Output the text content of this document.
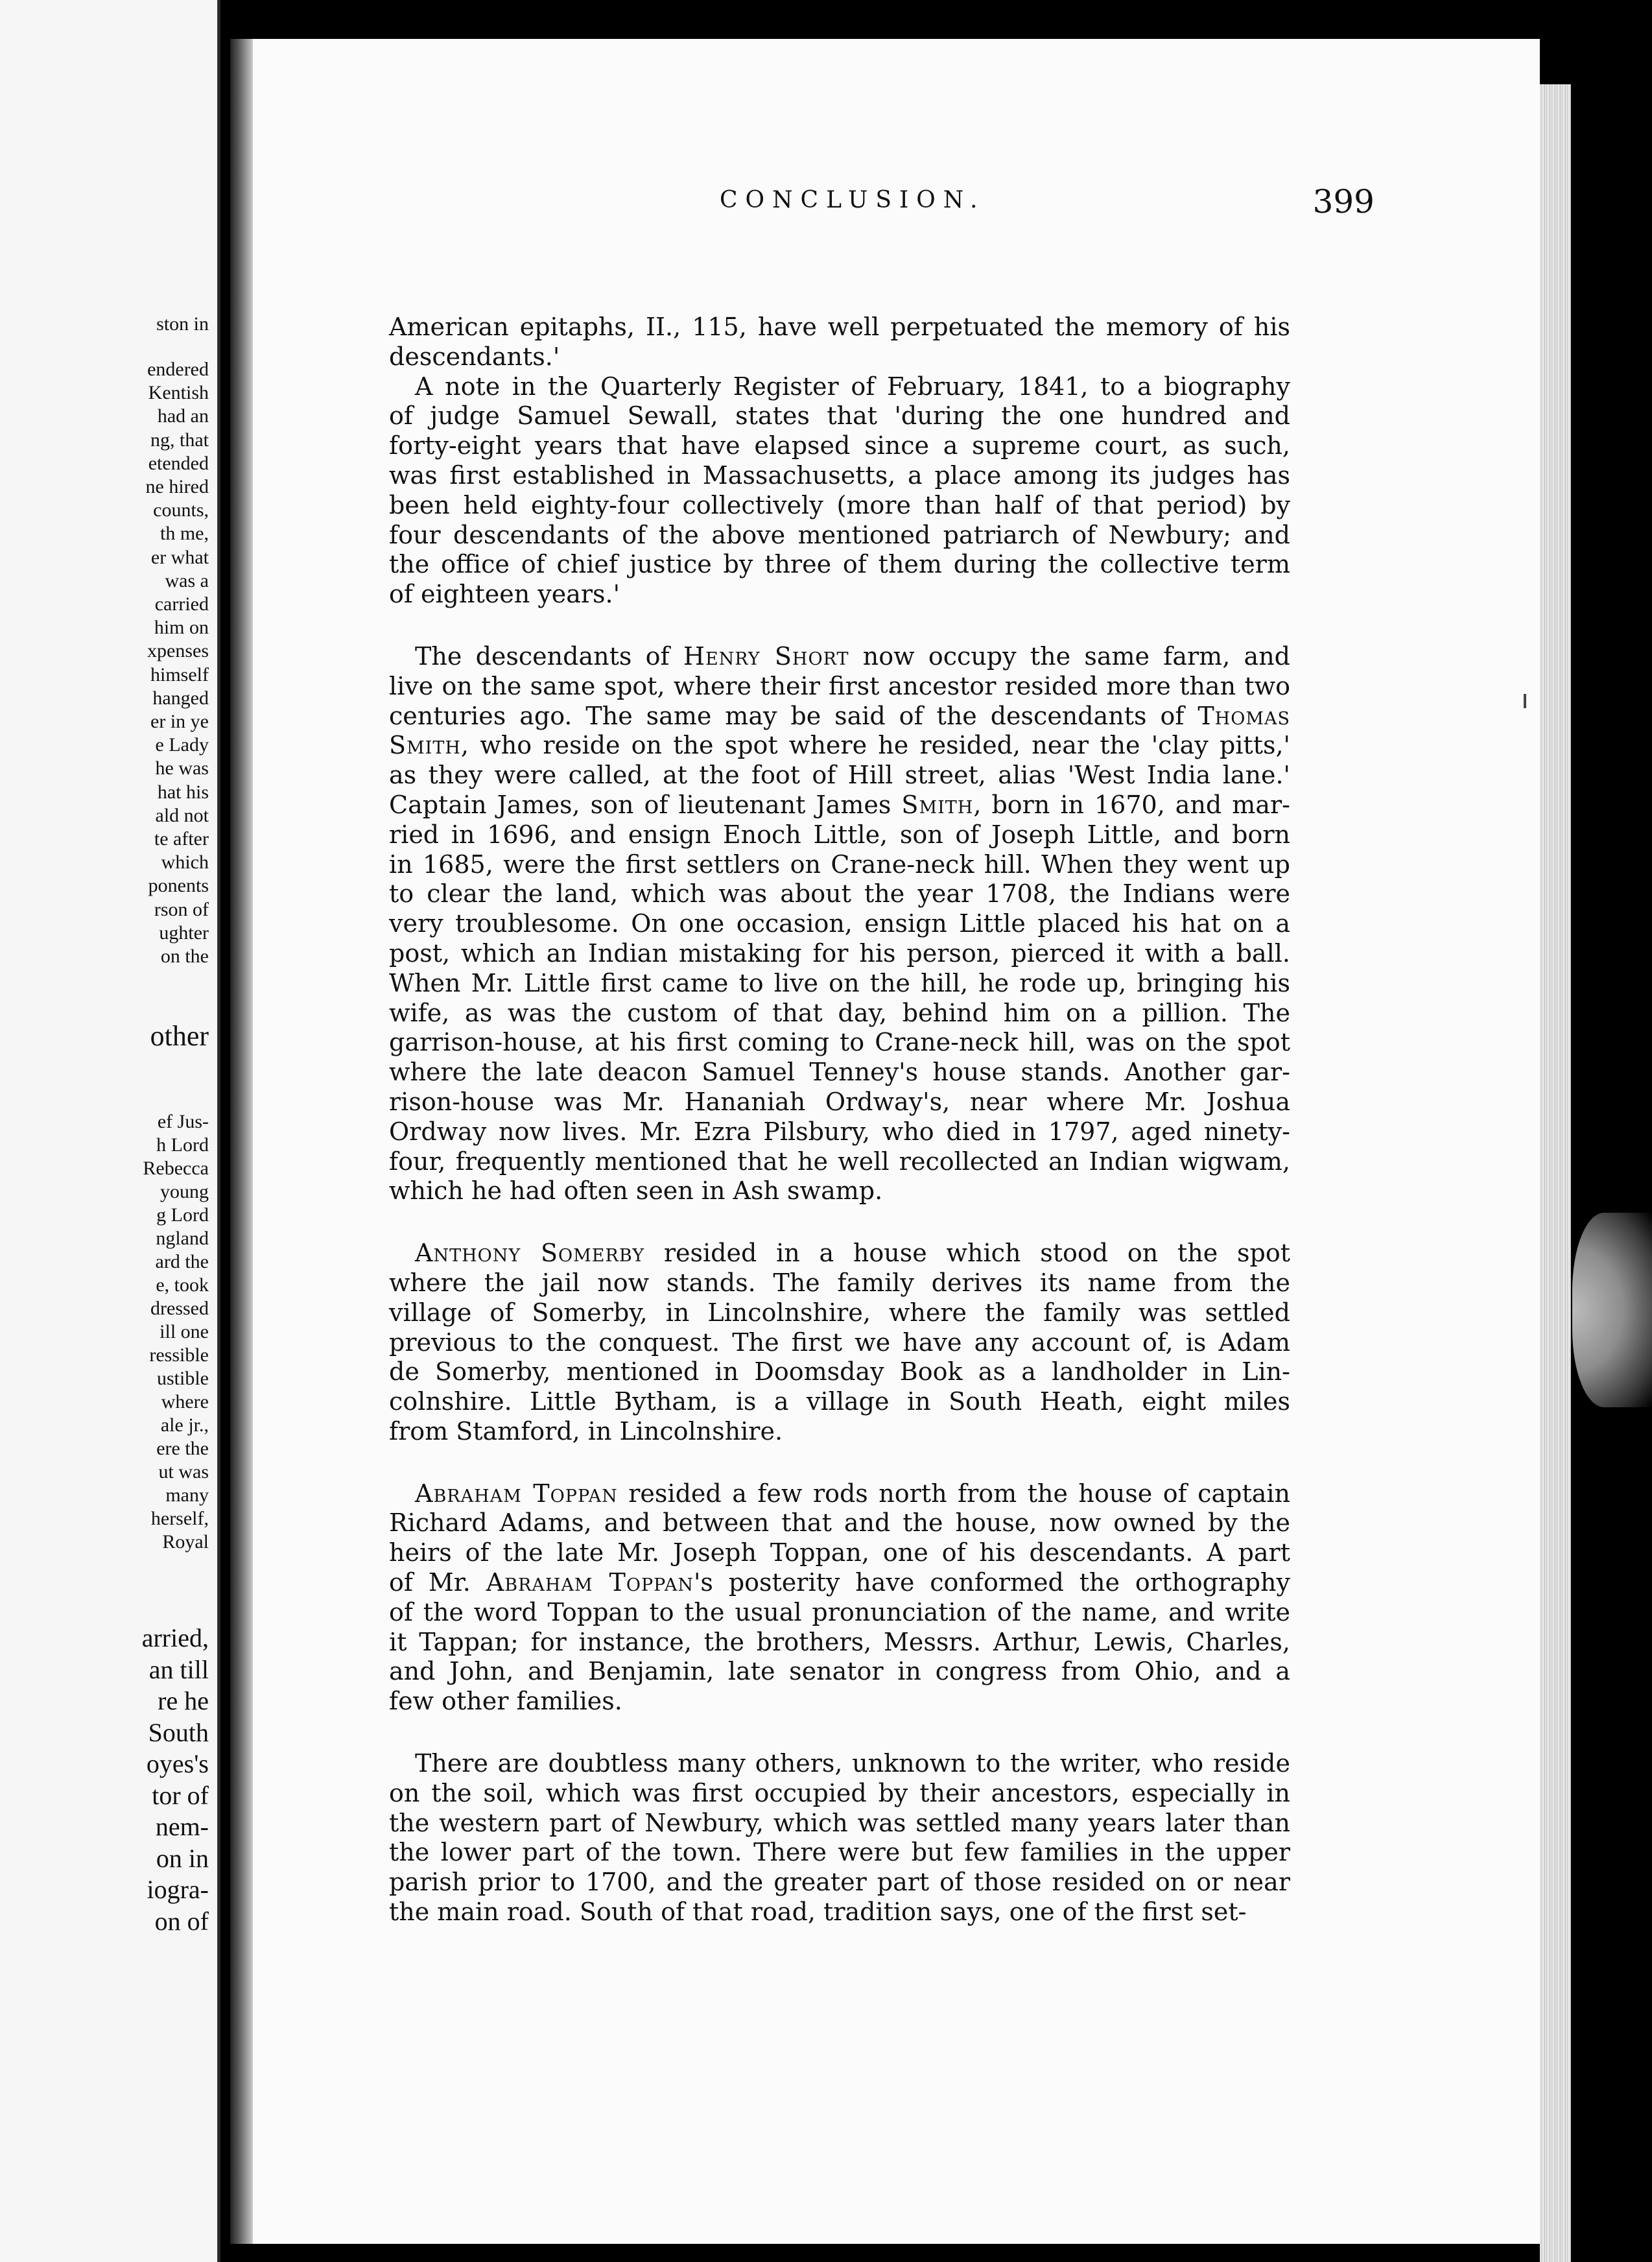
ston in
endered
Kentish
had an
ng, that
etended
ne hired
counts,
th me,
er what
was a
carried
him on
xpenses
himself
hanged
er in ye
e Lady
he was
hat his
ald not
te after
which
ponents
rson of
ughter
on the
other
ef Jus-
h Lord
Rebecca
young
g Lord
ngland
ard the
e, took
dressed
ill one
ressible
ustible
where
ale jr.,
ere the
ut was
many
herself,
Royal
arried,
an till
re he
South
oyes's
tor of
nem-
on in
iogra-
on of
CONCLUSION.	399
American epitaphs, II., 115, have well perpetuated the memory of his
descendants.'
A note in the Quarterly Register of February, 1841, to a biography
of judge Samuel Sewall, states that 'during the one hundred and
forty-eight years that have elapsed since a supreme court, as such,
was first established in Massachusetts, a place among its judges has
been held eighty-four collectively (more than half of that period) by
four descendants of the above mentioned patriarch of Newbury; and
the office of chief justice by three of them during the collective term
of eighteen years.'
The descendants of Henry Short now occupy the same farm, and
live on the same spot, where their first ancestor resided more than two
centuries ago. The same may be said of the descendants of Thomas
Smith, who reside on the spot where he resided, near the 'clay pitts,'
as they were called, at the foot of Hill street, alias 'West India lane.'
Captain James, son of lieutenant James Smith, born in 1670, and mar-
ried in 1696, and ensign Enoch Little, son of Joseph Little, and born
in 1685, were the first settlers on Crane-neck hill. When they went up
to clear the land, which was about the year 1708, the Indians were
very troublesome. On one occasion, ensign Little placed his hat on a
post, which an Indian mistaking for his person, pierced it with a ball.
When Mr. Little first came to live on the hill, he rode up, bringing his
wife, as was the custom of that day, behind him on a pillion. The
garrison-house, at his first coming to Crane-neck hill, was on the spot
where the late deacon Samuel Tenney's house stands. Another gar-
rison-house was Mr. Hananiah Ordway's, near where Mr. Joshua
Ordway now lives. Mr. Ezra Pilsbury, who died in 1797, aged ninety-
four, frequently mentioned that he well recollected an Indian wigwam,
which he had often seen in Ash swamp.
Anthony Somerby resided in a house which stood on the spot
where the jail now stands. The family derives its name from the
village of Somerby, in Lincolnshire, where the family was settled
previous to the conquest. The first we have any account of, is Adam
de Somerby, mentioned in Doomsday Book as a landholder in Lin-
colnshire. Little Bytham, is a village in South Heath, eight miles
from Stamford, in Lincolnshire.
Abraham Toppan resided a few rods north from the house of captain
Richard Adams, and between that and the house, now owned by the
heirs of the late Mr. Joseph Toppan, one of his descendants. A part
of Mr. Abraham Toppan's posterity have conformed the orthography
of the word Toppan to the usual pronunciation of the name, and write
it Tappan; for instance, the brothers, Messrs. Arthur, Lewis, Charles,
and John, and Benjamin, late senator in congress from Ohio, and a
few other families.
There are doubtless many others, unknown to the writer, who reside
on the soil, which was first occupied by their ancestors, especially in
the western part of Newbury, which was settled many years later than
the lower part of the town. There were but few families in the upper
parish prior to 1700, and the greater part of those resided on or near
the main road. South of that road, tradition says, one of the first set-
